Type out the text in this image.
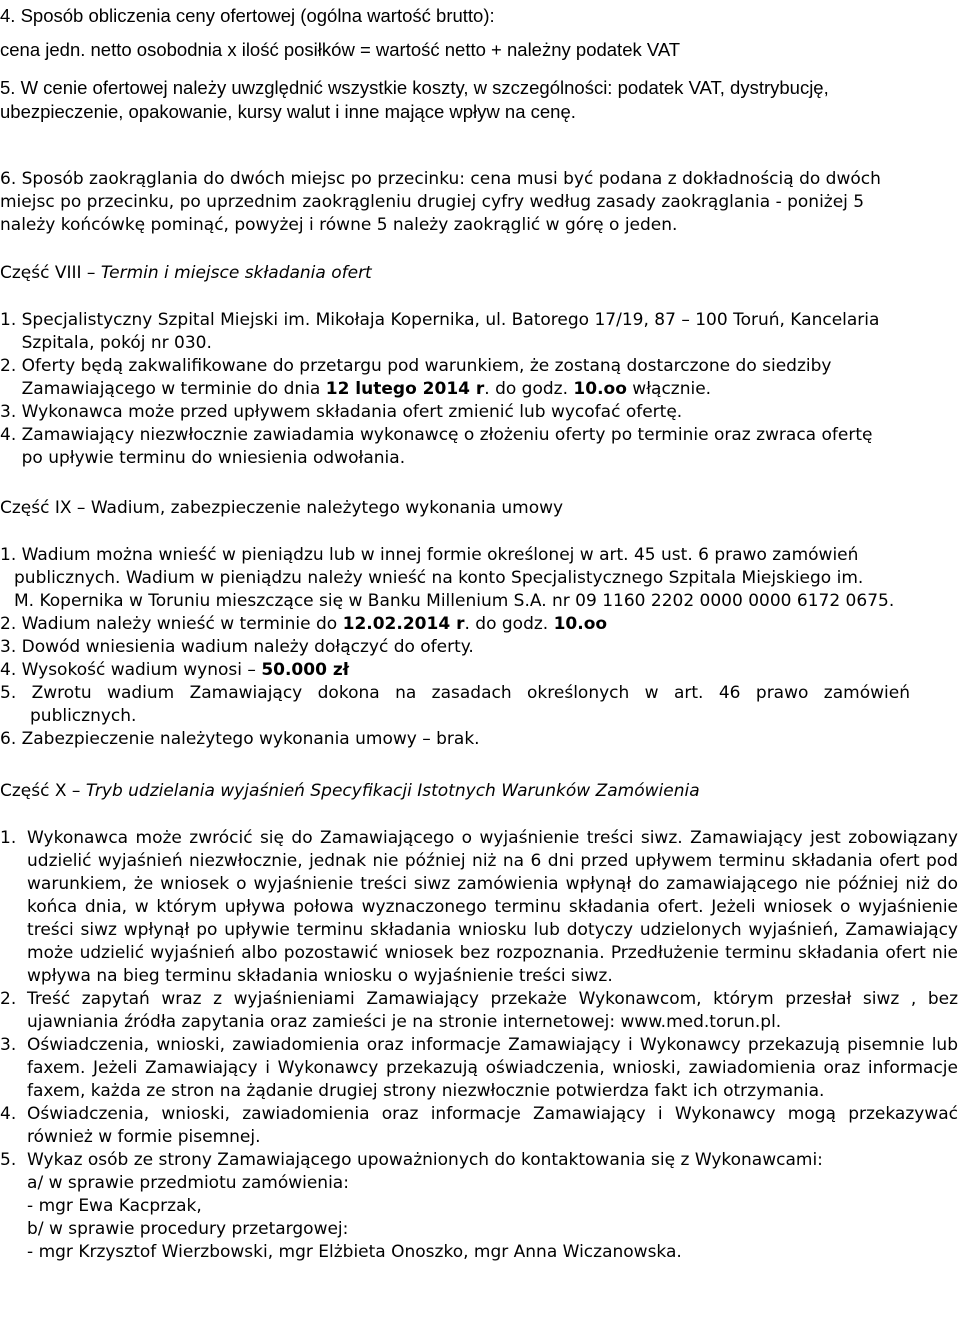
4. Sposób obliczenia ceny ofertowej (ogólna wartość brutto):

cena jedn. netto osobodnia x ilość posiłków = wartość netto + należny podatek VAT

5. W cenie ofertowej należy uwzględnić wszystkie koszty, w szczególności: podatek VAT, dystrybucję,

ubezpieczenie, opakowanie, kursy walut i inne mające wpływ na cenę.

6. Sposób zaokrąglania do dwóch miejsc po przecinku: cena musi być podana z dokładnością do dwóch

miejsc po przecinku, po uprzednim zaokrągleniu drugiej cyfry według zasady zaokrąglania - poniżej 5

należy końcówkę pominąć, powyżej i równe 5 należy zaokrąglić w górę o jeden.

Część VIII – Termin i miejsce składania ofert

1. Specjalistyczny Szpital Miejski im. Mikołaja Kopernika, ul. Batorego 17/19, 87 – 100 Toruń, Kancelaria

Szpitala, pokój nr 030.

2. Oferty będą zakwalifikowane do przetargu pod warunkiem, że zostaną dostarczone do siedziby

Zamawiającego w terminie do dnia 12 lutego 2014 r. do godz. 10.oo włącznie.

3. Wykonawca może przed upływem składania ofert zmienić lub wycofać ofertę.

4. Zamawiający niezwłocznie zawiadamia wykonawcę o złożeniu oferty po terminie oraz zwraca ofertę

po upływie terminu do wniesienia odwołania.

Część IX – Wadium, zabezpieczenie należytego wykonania umowy

1. Wadium można wnieść w pieniądzu lub w innej formie określonej w art. 45 ust. 6 prawo zamówień

publicznych. Wadium w pieniądzu należy wnieść na konto Specjalistycznego Szpitala Miejskiego im.

M. Kopernika w Toruniu mieszczące się w Banku Millenium S.A. nr 09 1160 2202 0000 0000 6172 0675.

2. Wadium należy wnieść w terminie do 12.02.2014 r. do godz. 10.oo

3. Dowód wniesienia wadium należy dołączyć do oferty.

4. Wysokość wadium wynosi – 50.000 zł

5. Zwrotu wadium Zamawiający dokona na zasadach określonych w art. 46 prawo zamówień

publicznych.

6. Zabezpieczenie należytego wykonania umowy – brak.

Część X – Tryb udzielania wyjaśnień Specyfikacji Istotnych Warunków Zamówienia

1. Wykonawca może zwrócić się do Zamawiającego o wyjaśnienie treści siwz. Zamawiający jest zobowiązany udzielić wyjaśnień niezwłocznie, jednak nie później niż na 6 dni przed upływem terminu składania ofert pod warunkiem, że wniosek o wyjaśnienie treści siwz zamówienia wpłynął do zamawiającego nie później niż do końca dnia, w którym upływa połowa wyznaczonego terminu składania ofert. Jeżeli wniosek o wyjaśnienie treści siwz wpłynął po upływie terminu składania wniosku lub dotyczy udzielonych wyjaśnień, Zamawiający może udzielić wyjaśnień albo pozostawić wniosek bez rozpoznania. Przedłużenie terminu składania ofert nie wpływa na bieg terminu składania wniosku o wyjaśnienie treści siwz.

2. Treść zapytań wraz z wyjaśnieniami Zamawiający przekaże Wykonawcom, którym przesłał siwz , bez ujawniania źródła zapytania oraz zamieści je na stronie internetowej: www.med.torun.pl.

3. Oświadczenia, wnioski, zawiadomienia oraz informacje Zamawiający i Wykonawcy przekazują pisemnie lub faxem. Jeżeli Zamawiający i Wykonawcy przekazują oświadczenia, wnioski, zawiadomienia oraz informacje faxem, każda ze stron na żądanie drugiej strony niezwłocznie potwierdza fakt ich otrzymania.

4. Oświadczenia, wnioski, zawiadomienia oraz informacje Zamawiający i Wykonawcy mogą przekazywać również w formie pisemnej.

5. Wykaz osób ze strony Zamawiającego upoważnionych do kontaktowania się z Wykonawcami:

a/ w sprawie przedmiotu zamówienia:

- mgr Ewa Kacprzak,

b/ w sprawie procedury przetargowej:

- mgr Krzysztof Wierzbowski, mgr Elżbieta Onoszko, mgr Anna Wiczanowska.
